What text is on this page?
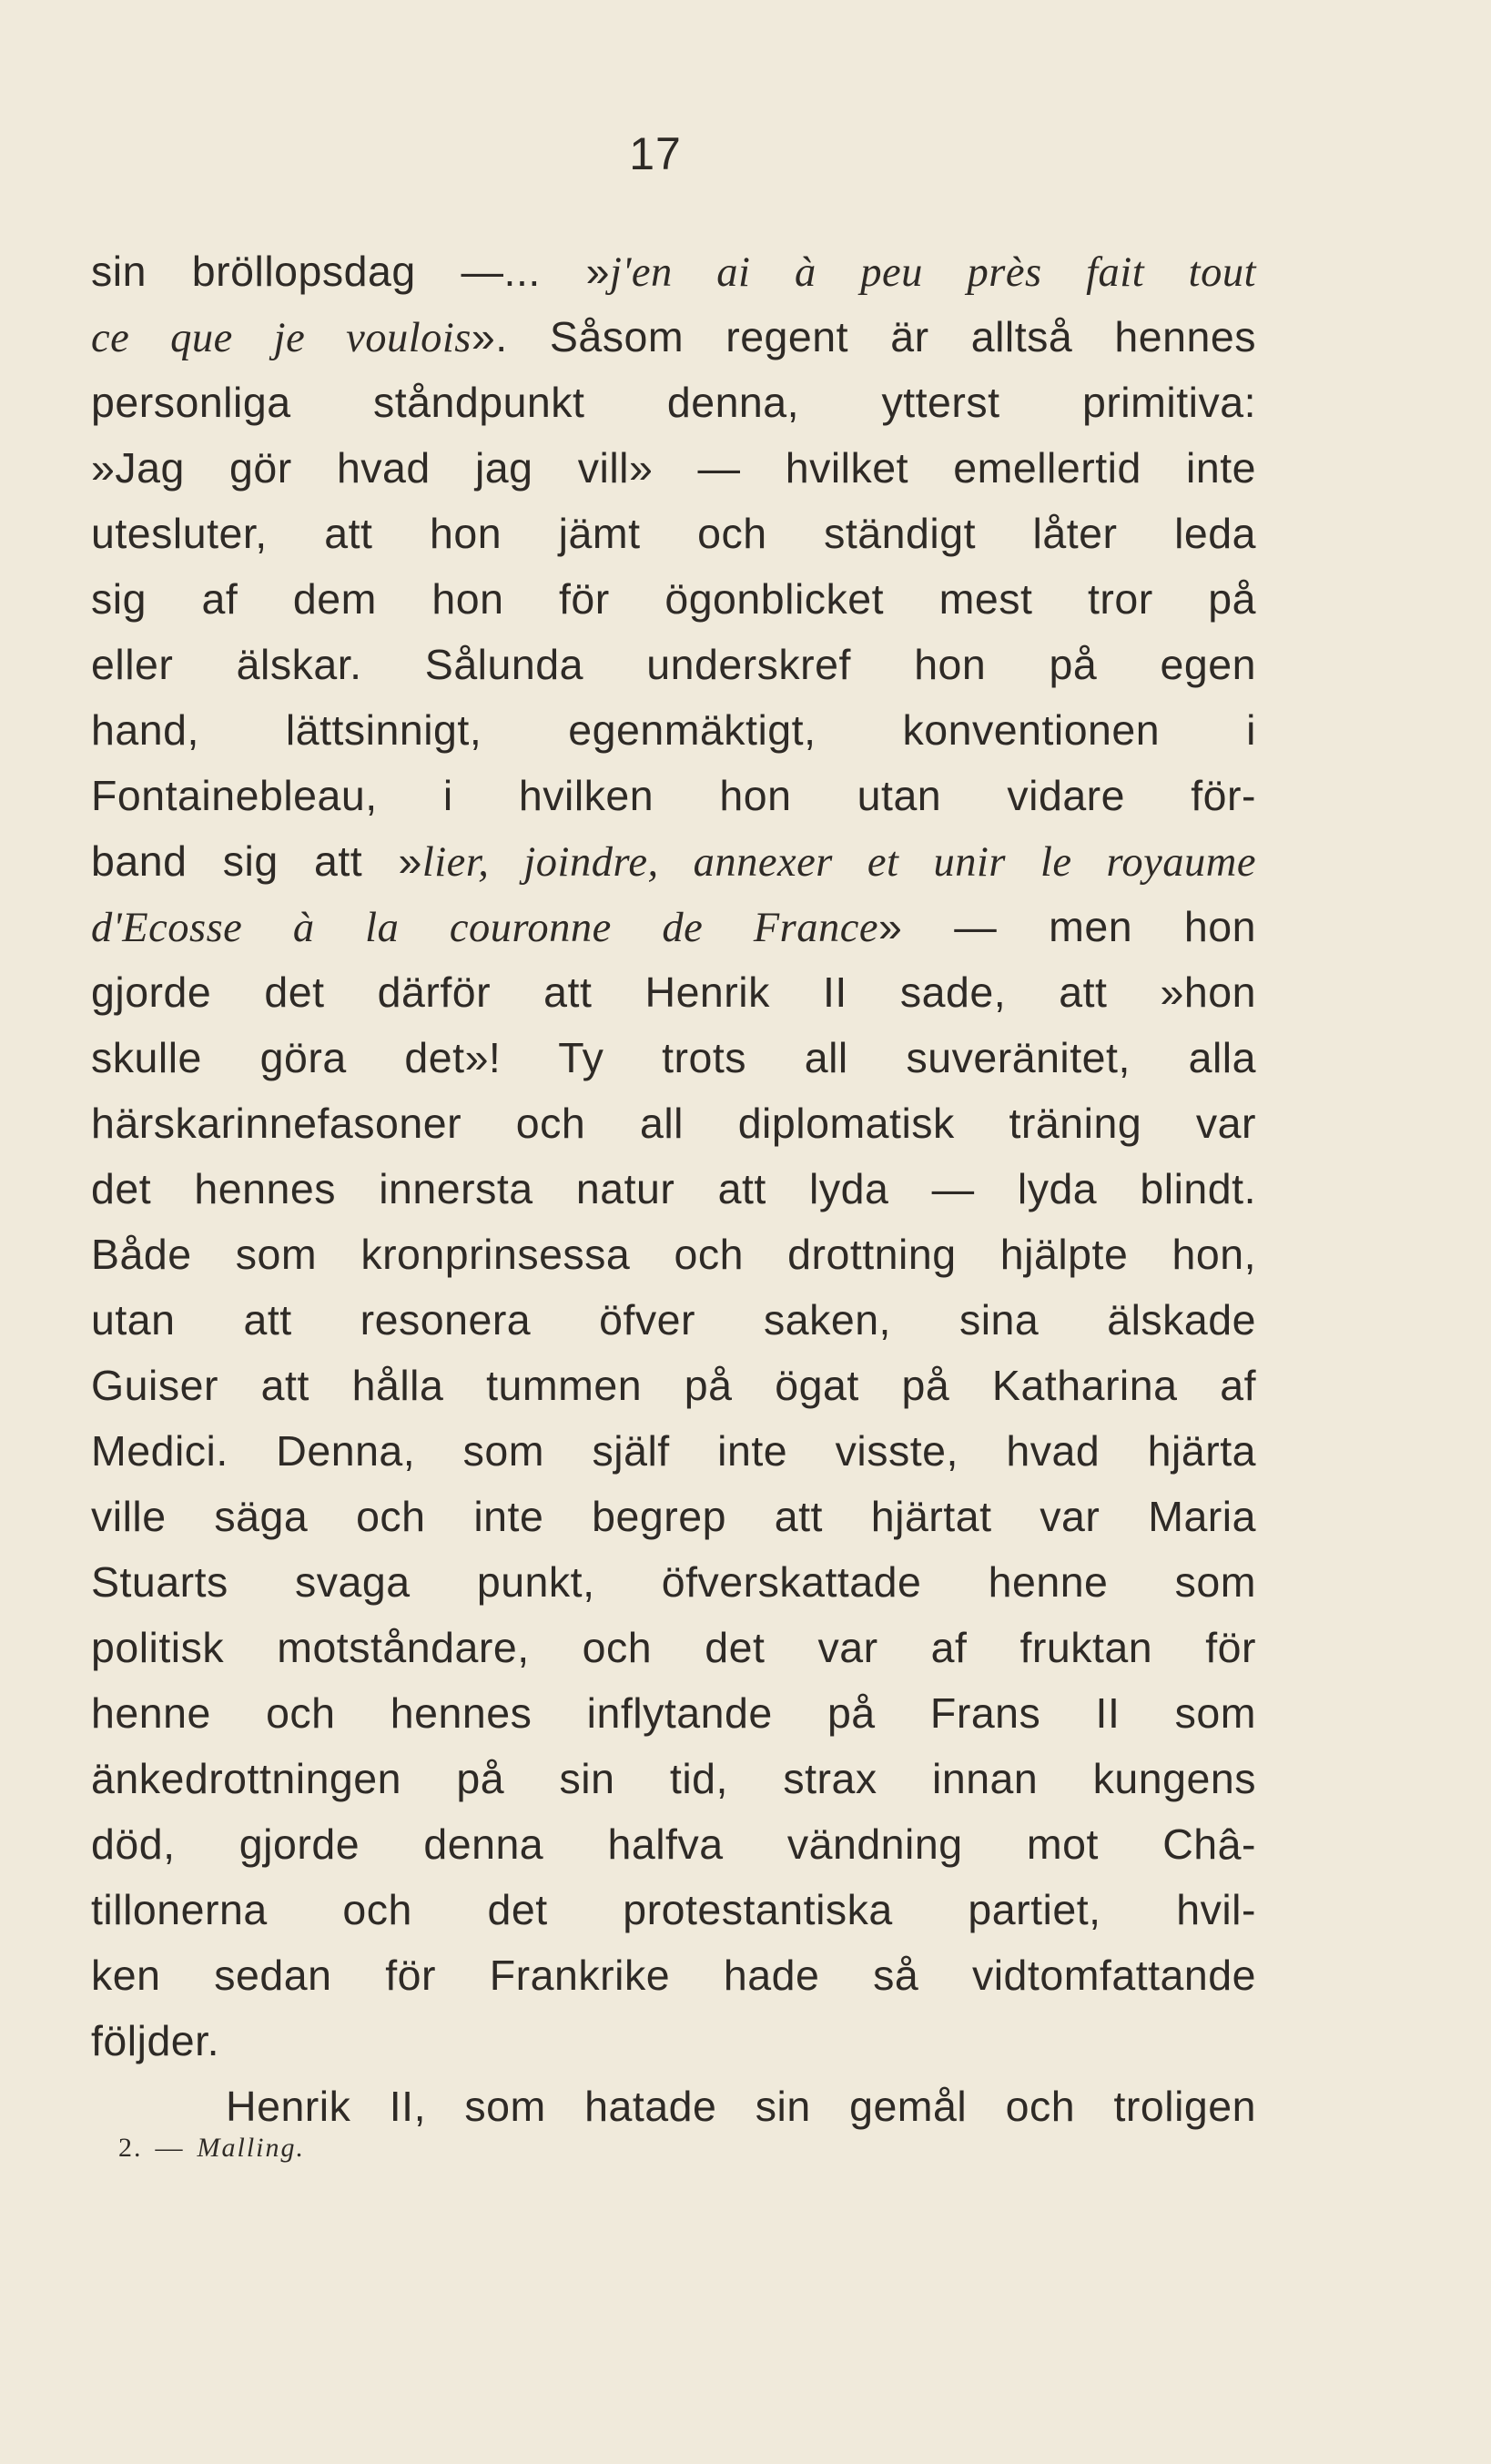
17
sin bröllopsdag —... »j'en ai à peu près fait tout
ce que je voulois». Såsom regent är alltså hennes
personliga ståndpunkt denna, ytterst primitiva:
»Jag gör hvad jag vill» — hvilket emellertid inte
utesluter, att hon jämt och ständigt låter leda
sig af dem hon för ögonblicket mest tror på
eller älskar. Sålunda underskref hon på egen
hand, lättsinnigt, egenmäktigt, konventionen i
Fontainebleau, i hvilken hon utan vidare för-
band sig att »lier, joindre, annexer et unir le royaume
d'Ecosse à la couronne de France» — men hon
gjorde det därför att Henrik II sade, att »hon
skulle göra det»! Ty trots all suveränitet, alla
härskarinnefasoner och all diplomatisk träning var
det hennes innersta natur att lyda — lyda blindt.
Både som kronprinsessa och drottning hjälpte hon,
utan att resonera öfver saken, sina älskade
Guiser att hålla tummen på ögat på Katharina af
Medici. Denna, som själf inte visste, hvad hjärta
ville säga och inte begrep att hjärtat var Maria
Stuarts svaga punkt, öfverskattade henne som
politisk motståndare, och det var af fruktan för
henne och hennes inflytande på Frans II som
änkedrottningen på sin tid, strax innan kungens
död, gjorde denna halfva vändning mot Châ-
tillonerna och det protestantiska partiet, hvil-
ken sedan för Frankrike hade så vidtomfattande
följder.
Henrik II, som hatade sin gemål och troligen
2. — Malling.
